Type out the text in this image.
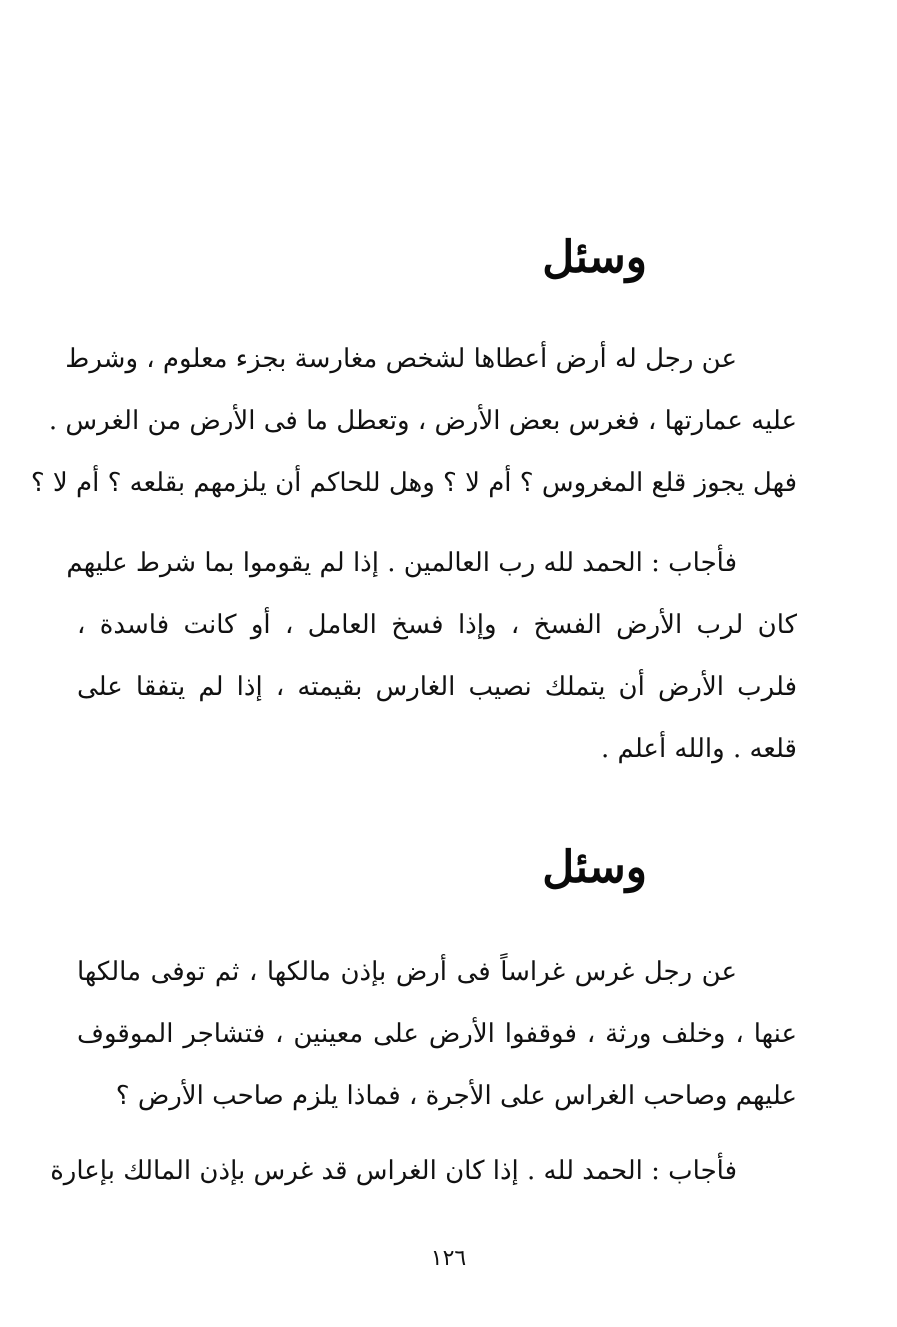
وسئل
عن رجل له أرض أعطاها لشخص مغارسة بجزء معلوم ، وشرط
عليه عمارتها ، فغرس بعض الأرض ، وتعطل ما فى الأرض من الغرس .
فهل يجوز قلع المغروس ؟ أم لا ؟ وهل للحاكم أن يلزمهم بقلعه ؟ أم لا ؟
فأجاب : الحمد لله رب العالمين . إذا لم يقوموا بما شرط عليهم
كان لرب الأرض الفسخ ، وإذا فسخ العامل ، أو كانت فاسدة ،
فلرب الأرض أن يتملك نصيب الغارس بقيمته ، إذا لم يتفقا على
قلعه . والله أعلم .
وسئل
عن رجل غرس غراساً فى أرض بإذن مالكها ، ثم توفى مالكها
عنها ، وخلف ورثة ، فوقفوا الأرض على معينين ، فتشاجر الموقوف
عليهم وصاحب الغراس على الأجرة ، فماذا يلزم صاحب الأرض ؟
فأجاب : الحمد لله . إذا كان الغراس قد غرس بإذن المالك بإعارة
١٢٦
